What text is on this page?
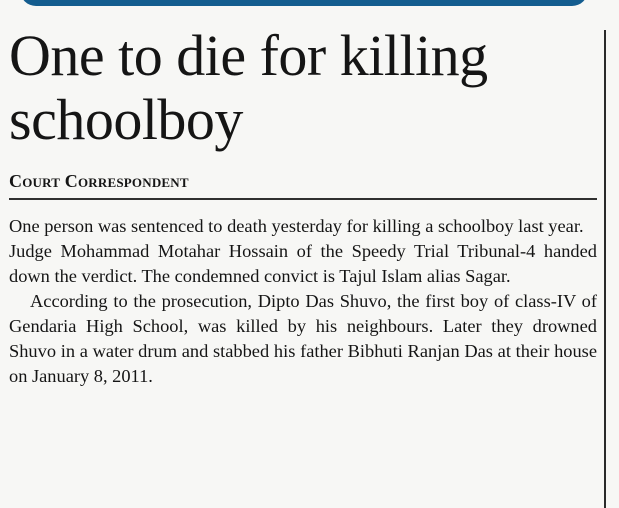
One to die for killing schoolboy
Court Correspondent

One person was sentenced to death yesterday for killing a schoolboy last year.

Judge Mohammad Motahar Hossain of the Speedy Trial Tribunal-4 handed down the verdict. The condemned convict is Tajul Islam alias Sagar.

According to the prosecution, Dipto Das Shuvo, the first boy of class-IV of Gendaria High School, was killed by his neighbours. Later they drowned Shuvo in a water drum and stabbed his father Bibhuti Ranjan Das at their house on January 8, 2011.
